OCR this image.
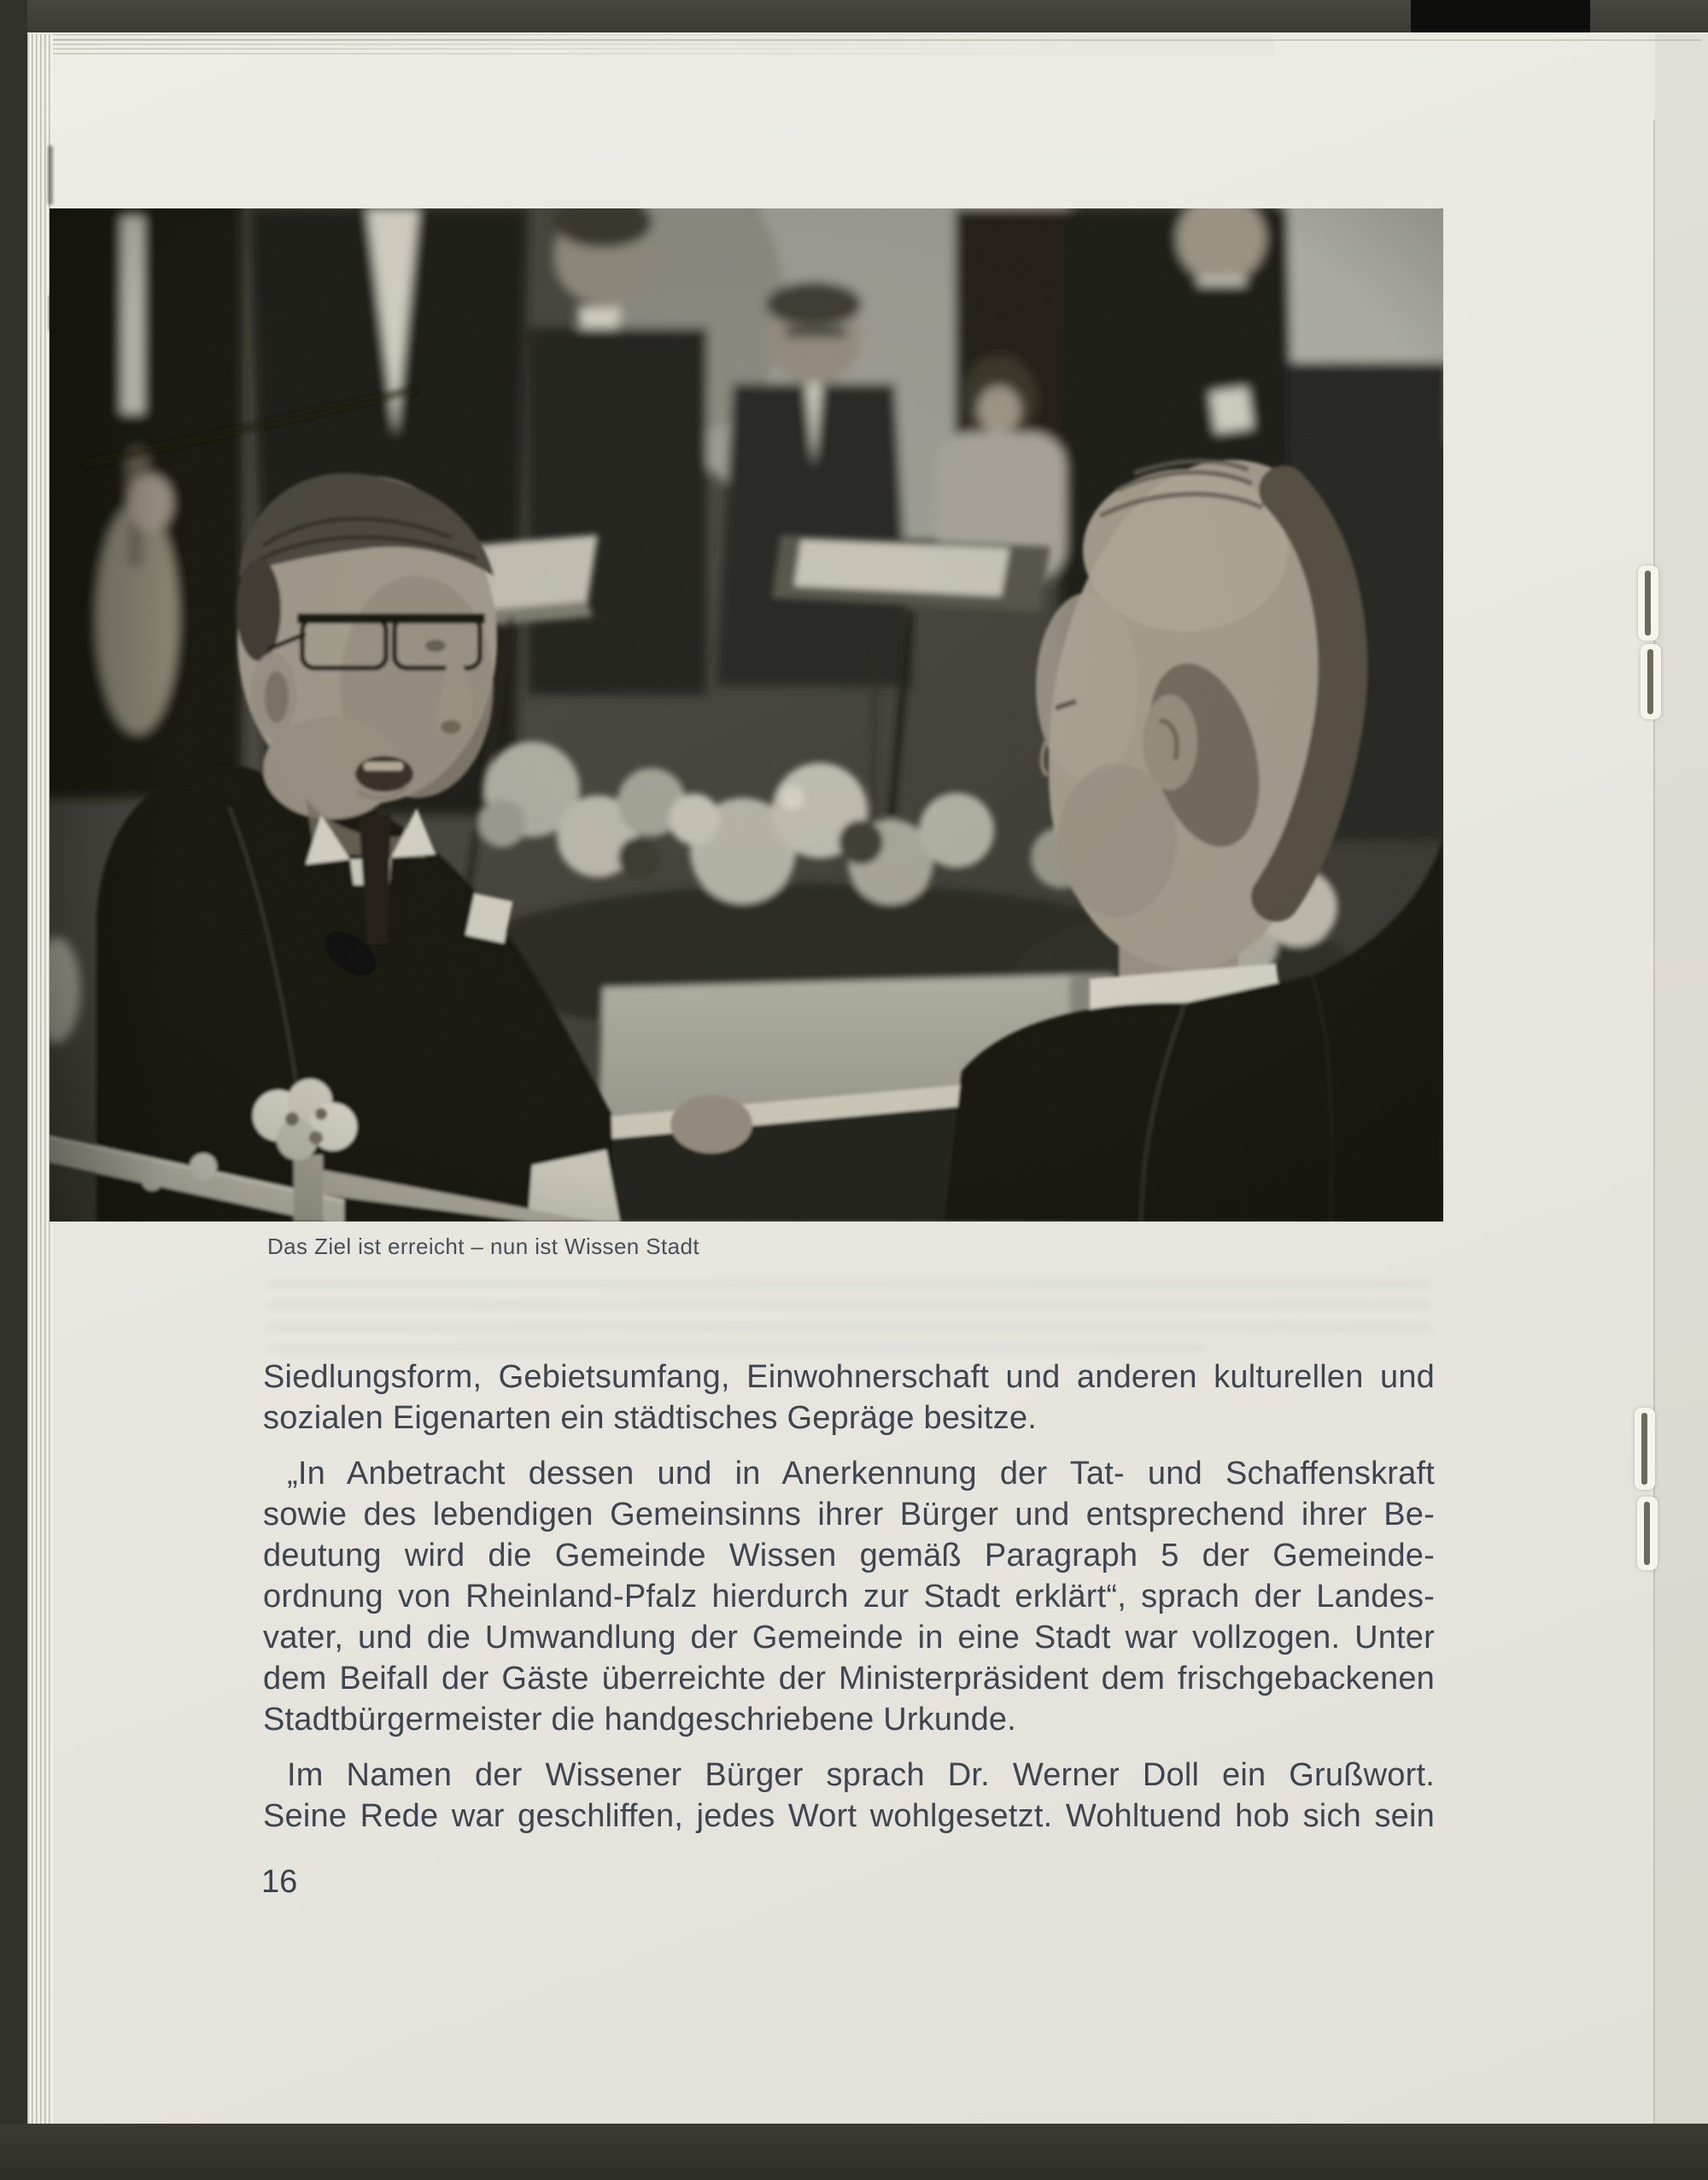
Das Ziel ist erreicht – nun ist Wissen Stadt
Siedlungsform, Gebietsumfang, Einwohnerschaft und anderen kulturellen und
sozialen Eigenarten ein städtisches Gepräge besitze.
„In Anbetracht dessen und in Anerkennung der Tat- und Schaffenskraft
sowie des lebendigen Gemeinsinns ihrer Bürger und entsprechend ihrer Be-
deutung wird die Gemeinde Wissen gemäß Paragraph 5 der Gemeinde-
ordnung von Rheinland-Pfalz hierdurch zur Stadt erklärt“, sprach der Landes-
vater, und die Umwandlung der Gemeinde in eine Stadt war vollzogen. Unter
dem Beifall der Gäste überreichte der Ministerpräsident dem frischgebackenen
Stadtbürgermeister die handgeschriebene Urkunde.
Im Namen der Wissener Bürger sprach Dr. Werner Doll ein Grußwort.
Seine Rede war geschliffen, jedes Wort wohlgesetzt. Wohltuend hob sich sein
16
